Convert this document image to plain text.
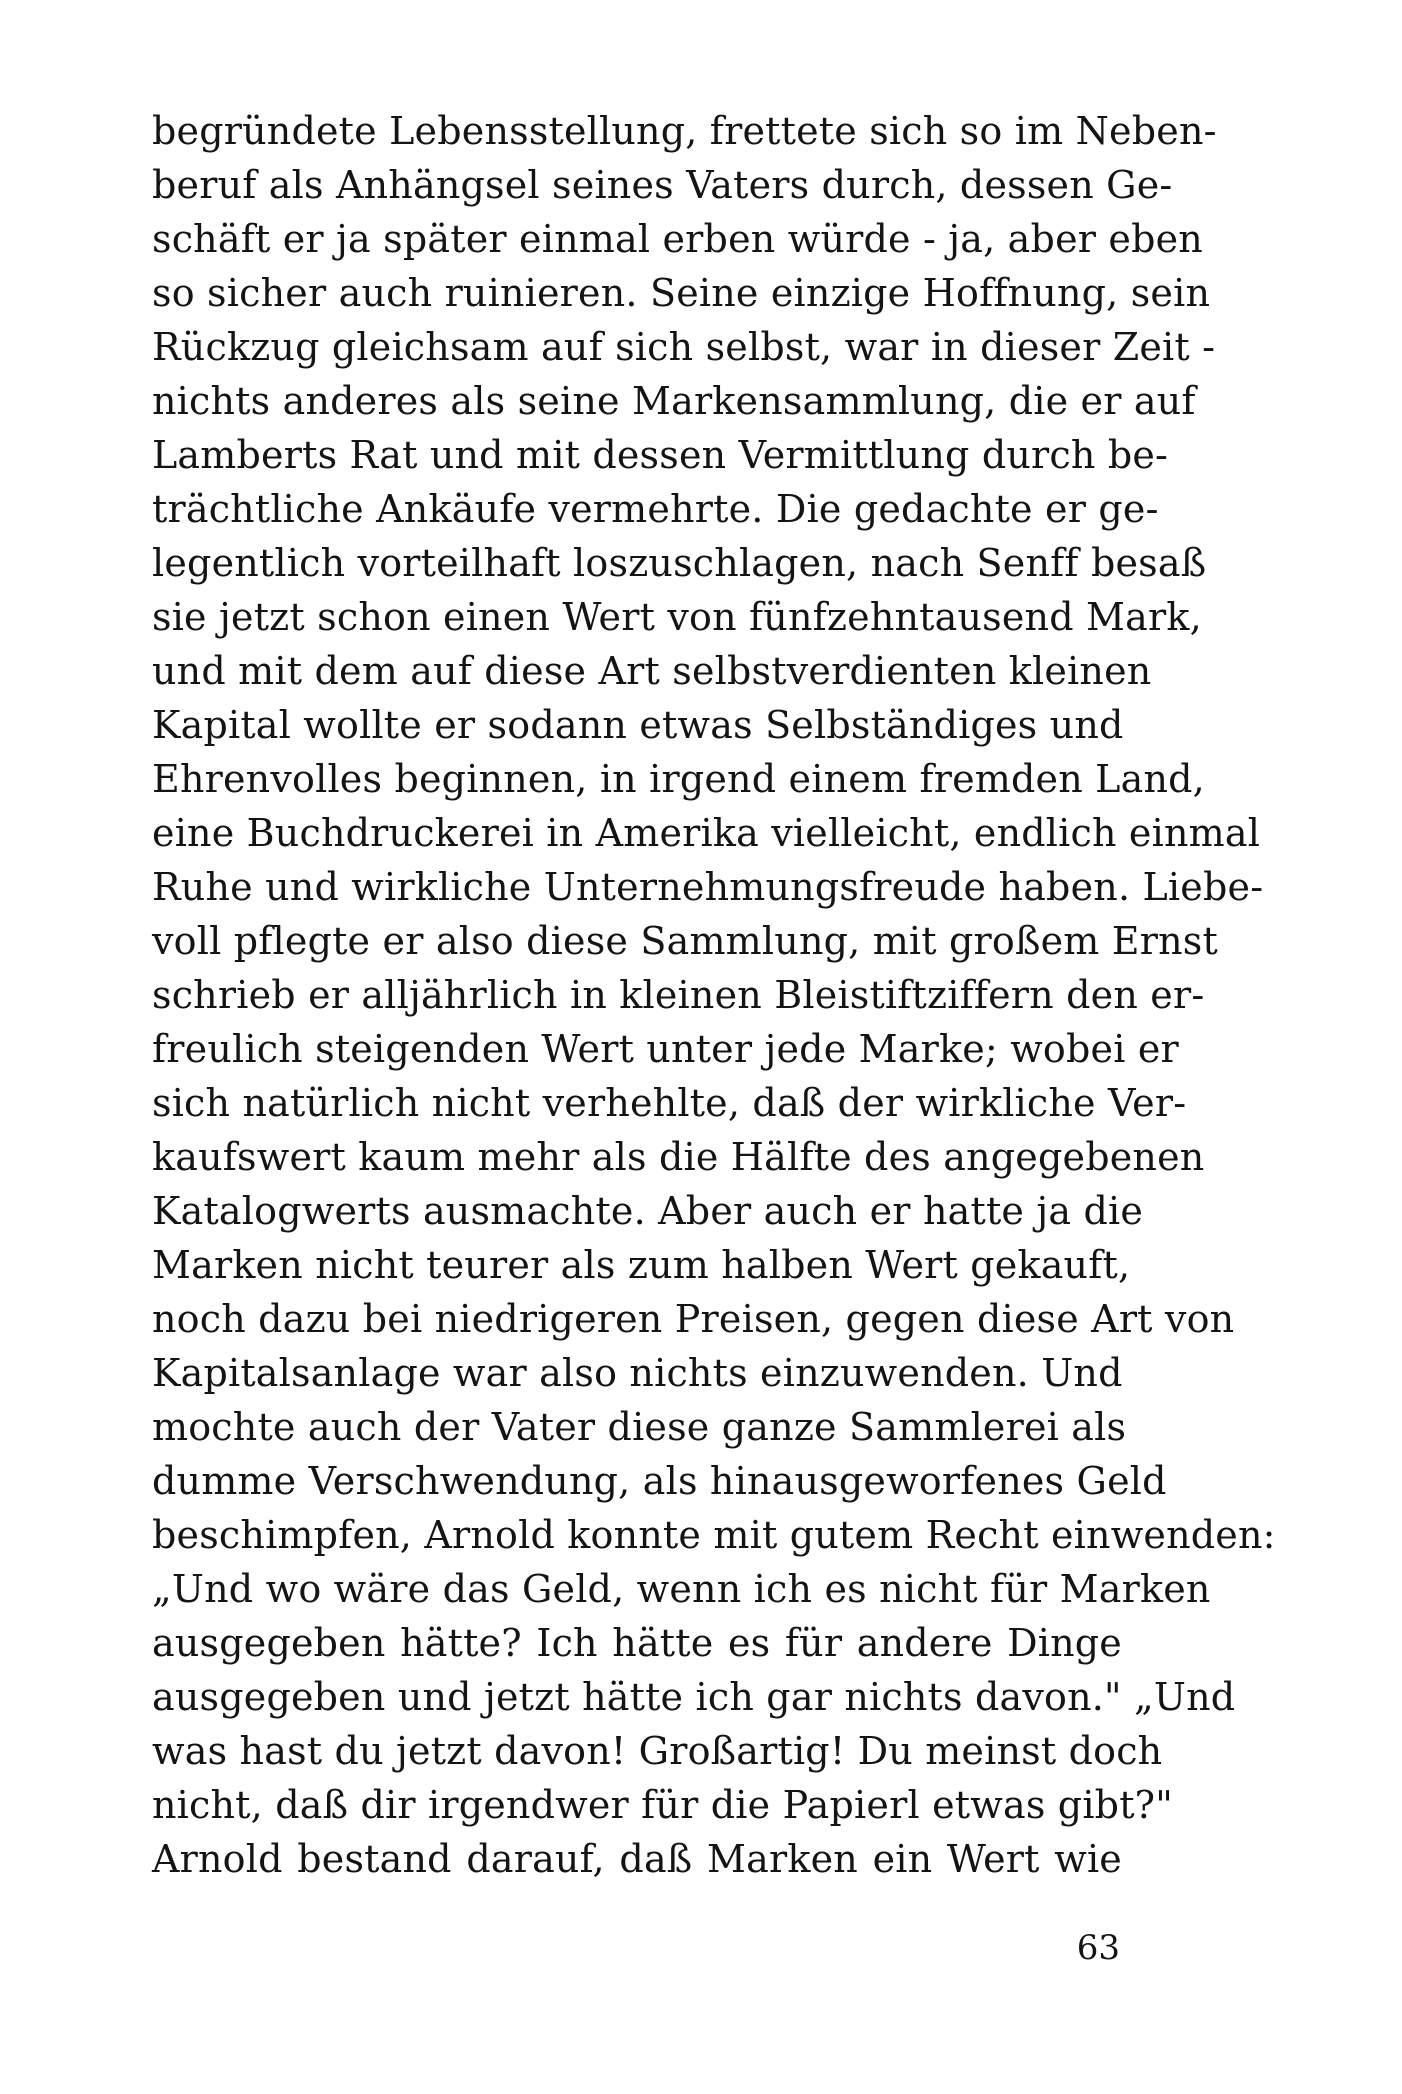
begründete Lebensstellung, frettete sich so im Neben-
beruf als Anhängsel seines Vaters durch, dessen Ge-
schäft er ja später einmal erben würde - ja, aber eben
so sicher auch ruinieren. Seine einzige Hoffnung, sein
Rückzug gleichsam auf sich selbst, war in dieser Zeit -
nichts anderes als seine Markensammlung, die er auf
Lamberts Rat und mit dessen Vermittlung durch be-
trächtliche Ankäufe vermehrte. Die gedachte er ge-
legentlich vorteilhaft loszuschlagen, nach Senff besaß
sie jetzt schon einen Wert von fünfzehntausend Mark,
und mit dem auf diese Art selbstverdienten kleinen
Kapital wollte er sodann etwas Selbständiges und
Ehrenvolles beginnen, in irgend einem fremden Land,
eine Buchdruckerei in Amerika vielleicht, endlich einmal
Ruhe und wirkliche Unternehmungsfreude haben. Liebe-
voll pflegte er also diese Sammlung, mit großem Ernst
schrieb er alljährlich in kleinen Bleistiftziffern den er-
freulich steigenden Wert unter jede Marke; wobei er
sich natürlich nicht verhehlte, daß der wirkliche Ver-
kaufswert kaum mehr als die Hälfte des angegebenen
Katalogwerts ausmachte. Aber auch er hatte ja die
Marken nicht teurer als zum halben Wert gekauft,
noch dazu bei niedrigeren Preisen, gegen diese Art von
Kapitalsanlage war also nichts einzuwenden. Und
mochte auch der Vater diese ganze Sammlerei als
dumme Verschwendung, als hinausgeworfenes Geld
beschimpfen, Arnold konnte mit gutem Recht einwenden:
„Und wo wäre das Geld, wenn ich es nicht für Marken
ausgegeben hätte? Ich hätte es für andere Dinge
ausgegeben und jetzt hätte ich gar nichts davon." „Und
was hast du jetzt davon! Großartig! Du meinst doch
nicht, daß dir irgendwer für die Papierl etwas gibt?"
Arnold bestand darauf, daß Marken ein Wert wie
63
